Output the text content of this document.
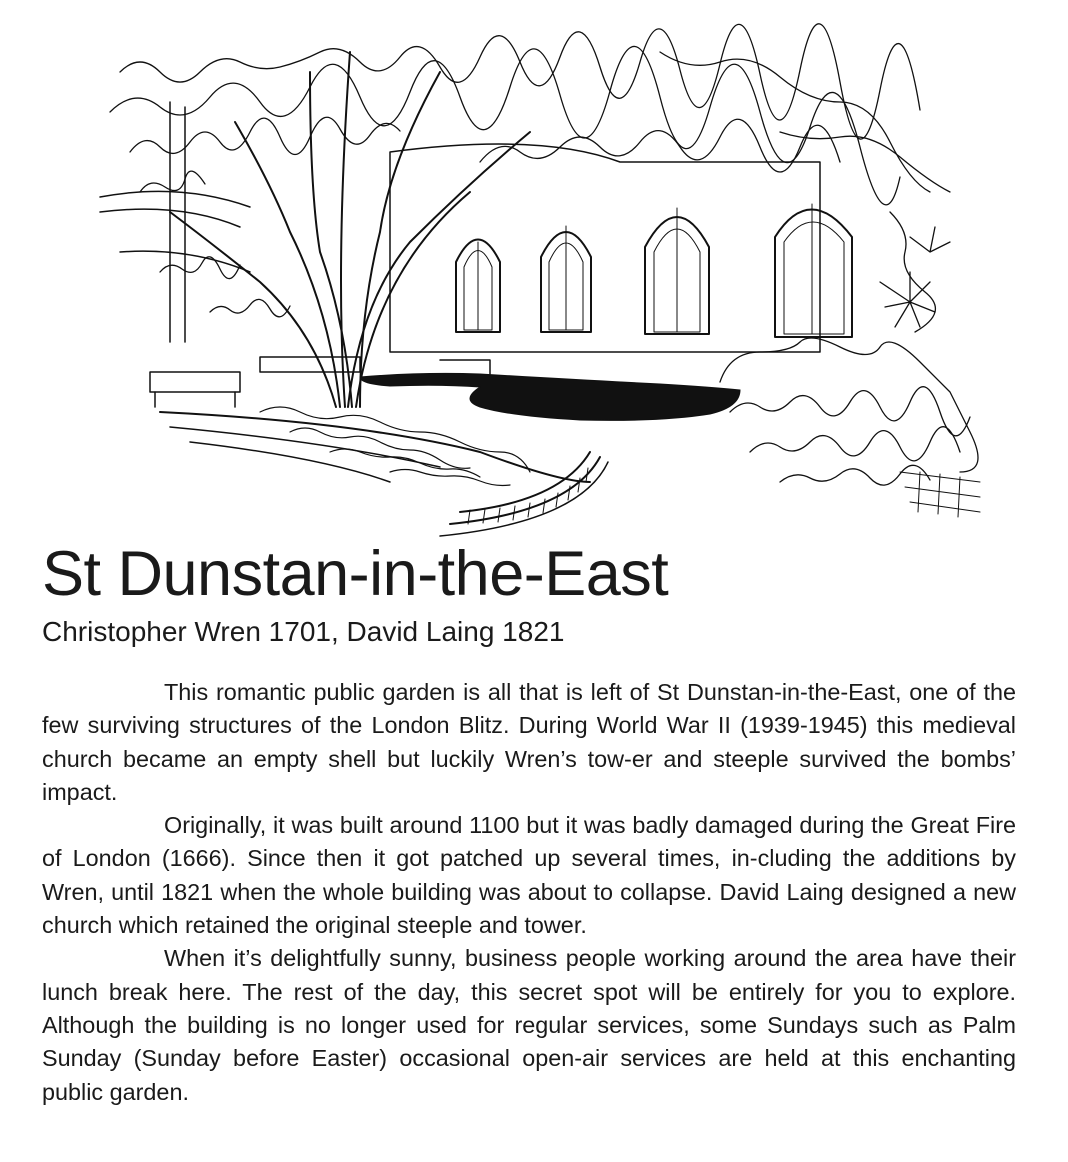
St Dunstan-in-the-East
Christopher Wren 1701, David Laing 1821

This romantic public garden is all that is left of St Dunstan-in-the-East, one of the few surviving structures of the London Blitz. During World War II (1939-1945) this medieval church became an empty shell but luckily Wren’s tow-er and steeple survived the bombs’ impact.

Originally, it was built around 1100 but it was badly damaged during the Great Fire of London (1666). Since then it got patched up several times, in-cluding the additions by Wren, until 1821 when the whole building was about to collapse. David Laing designed a new church which retained the original steeple and tower.

When it’s delightfully sunny, business people working around the area have their lunch break here. The rest of the day, this secret spot will be entirely for you to explore. Although the building is no longer used for regular services, some Sundays such as Palm Sunday (Sunday before Easter) occasional open-air services are held at this enchanting public garden.
